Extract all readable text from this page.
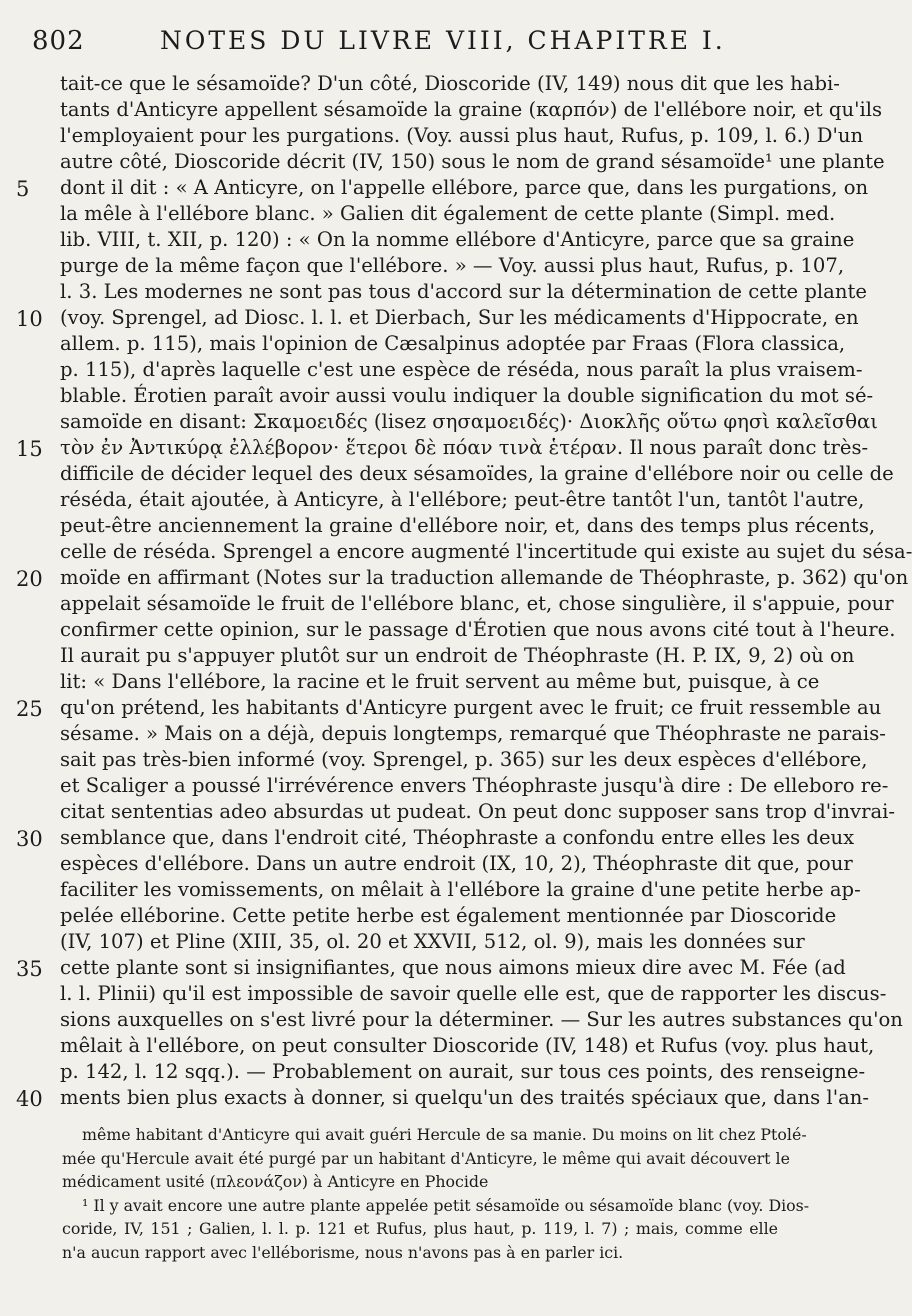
802	NOTES DU LIVRE VIII, CHAPITRE I.
tait-ce que le sésamoïde? D'un côté, Dioscoride (IV, 149) nous dit que les habi-
tants d'Anticyre appellent sésamoïde la graine (καρπόν) de l'ellébore noir, et qu'ils
l'employaient pour les purgations. (Voy. aussi plus haut, Rufus, p. 109, l. 6.) D'un
autre côté, Dioscoride décrit (IV, 150) sous le nom de grand sésamoïde¹ une plante
5	dont il dit : « A Anticyre, on l'appelle ellébore, parce que, dans les purgations, on
la mêle à l'ellébore blanc. » Galien dit également de cette plante (Simpl. med.
lib. VIII, t. XII, p. 120) : « On la nomme ellébore d'Anticyre, parce que sa graine
purge de la même façon que l'ellébore. » — Voy. aussi plus haut, Rufus, p. 107,
l. 3. Les modernes ne sont pas tous d'accord sur la détermination de cette plante
10 (voy. Sprengel, ad Diosc. l. l. et Dierbach, Sur les médicaments d'Hippocrate, en
allem. p. 115), mais l'opinion de Cæsalpinus adoptée par Fraas (Flora classica,
p. 115), d'après laquelle c'est une espèce de réséda, nous paraît la plus vraisem-
blable. Érotien paraît avoir aussi voulu indiquer la double signification du mot sé-
samoïde en disant: Σκαμοειδές (lisez σησαμοειδές)· Διοκλῆς οὕτω φησὶ καλεῖσθαι
15 τὸν ἐν Ἀντικύρᾳ ἐλλέβορον· ἕτεροι δὲ πόαν τινὰ ἑτέραν. Il nous paraît donc très-
difficile de décider lequel des deux sésamoïdes, la graine d'ellébore noir ou celle de
réséda, était ajoutée, à Anticyre, à l'ellébore; peut-être tantôt l'un, tantôt l'autre,
peut-être anciennement la graine d'ellébore noir, et, dans des temps plus récents,
celle de réséda. Sprengel a encore augmenté l'incertitude qui existe au sujet du sésa-
20 moïde en affirmant (Notes sur la traduction allemande de Théophraste, p. 362) qu'on
appelait sésamoïde le fruit de l'ellébore blanc, et, chose singulière, il s'appuie, pour
confirmer cette opinion, sur le passage d'Érotien que nous avons cité tout à l'heure.
Il aurait pu s'appuyer plutôt sur un endroit de Théophraste (H. P. IX, 9, 2) où on
lit: « Dans l'ellébore, la racine et le fruit servent au même but, puisque, à ce
25 qu'on prétend, les habitants d'Anticyre purgent avec le fruit; ce fruit ressemble au
sésame. » Mais on a déjà, depuis longtemps, remarqué que Théophraste ne parais-
sait pas très-bien informé (voy. Sprengel, p. 365) sur les deux espèces d'ellébore,
et Scaliger a poussé l'irrévérence envers Théophraste jusqu'à dire : De elleboro re-
citat sententias adeo absurdas ut pudeat. On peut donc supposer sans trop d'invrai-
30 semblance que, dans l'endroit cité, Théophraste a confondu entre elles les deux
espèces d'ellébore. Dans un autre endroit (IX, 10, 2), Théophraste dit que, pour
faciliter les vomissements, on mêlait à l'ellébore la graine d'une petite herbe ap-
pelée elléborine. Cette petite herbe est également mentionnée par Dioscoride
(IV, 107) et Pline (XIII, 35, ol. 20 et XXVII, 512, ol. 9), mais les données sur
35 cette plante sont si insignifiantes, que nous aimons mieux dire avec M. Fée (ad
l. l. Plinii) qu'il est impossible de savoir quelle elle est, que de rapporter les discus-
sions auxquelles on s'est livré pour la déterminer. — Sur les autres substances qu'on
mêlait à l'ellébore, on peut consulter Dioscoride (IV, 148) et Rufus (voy. plus haut,
p. 142, l. 12 sqq.). — Probablement on aurait, sur tous ces points, des renseigne-
40 ments bien plus exacts à donner, si quelqu'un des traités spéciaux que, dans l'an-
même habitant d'Anticyre qui avait guéri Hercule de sa manie. Du moins on lit chez Ptolé-
mée qu'Hercule avait été purgé par un habitant d'Anticyre, le même qui avait découvert le
médicament usité (πλεονάζον) à Anticyre en Phocide
¹ Il y avait encore une autre plante appelée petit sésamoïde ou sésamoïde blanc (voy. Dios-
coride, IV, 151 ; Galien, l. l. p. 121 et Rufus, plus haut, p. 119, l. 7) ; mais, comme elle
n'a aucun rapport avec l'elléborisme, nous n'avons pas à en parler ici.
